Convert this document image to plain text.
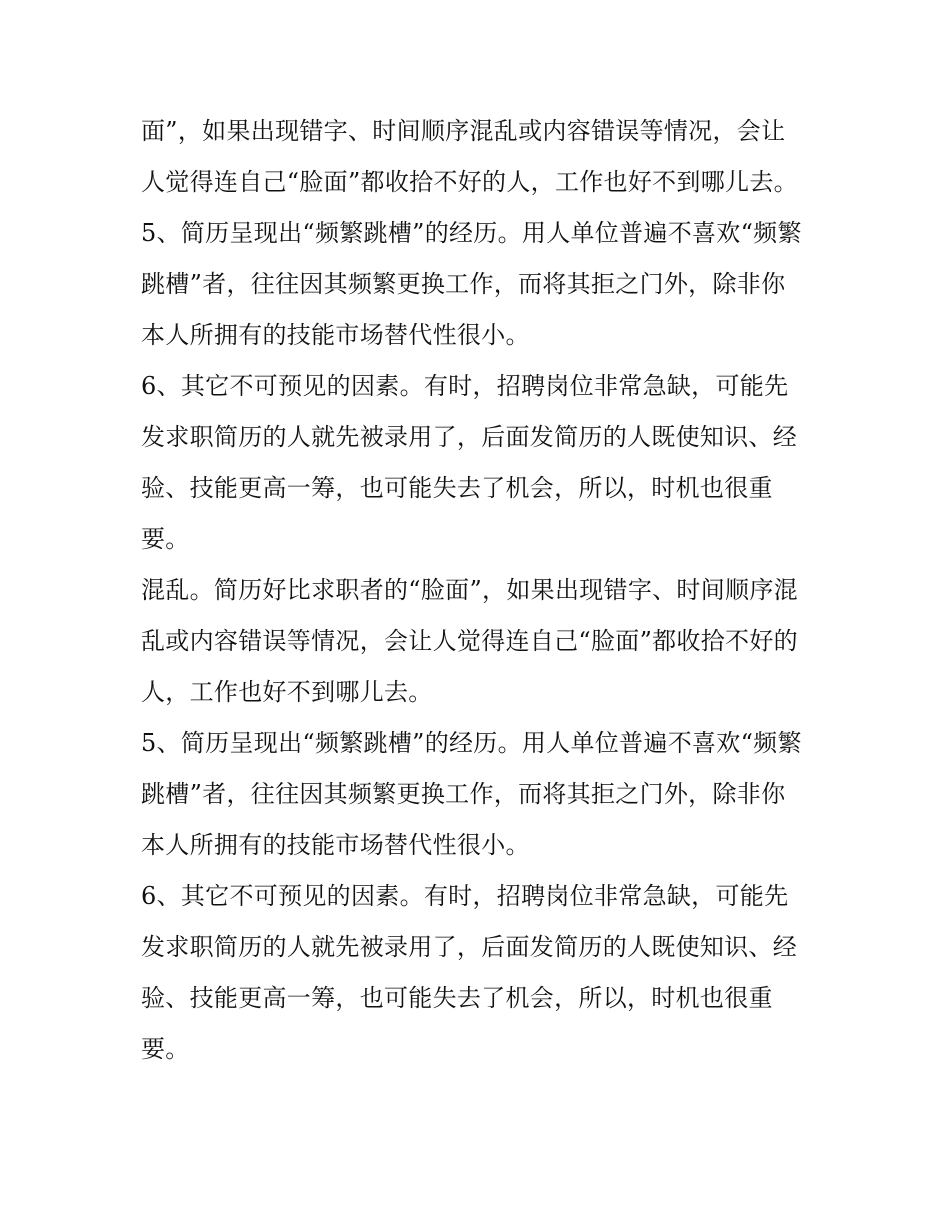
面”，如果出现错字、时间顺序混乱或内容错误等情况，会让
人觉得连自己“脸面”都收拾不好的人，工作也好不到哪儿去。
5、简历呈现出“频繁跳槽”的经历。用人单位普遍不喜欢“频繁
跳槽”者，往往因其频繁更换工作，而将其拒之门外，除非你
本人所拥有的技能市场替代性很小。
6、其它不可预见的因素。有时，招聘岗位非常急缺，可能先
发求职简历的人就先被录用了，后面发简历的人既使知识、经
验、技能更高一筹，也可能失去了机会，所以，时机也很重
要。
混乱。简历好比求职者的“脸面”，如果出现错字、时间顺序混
乱或内容错误等情况，会让人觉得连自己“脸面”都收拾不好的
人，工作也好不到哪儿去。
5、简历呈现出“频繁跳槽”的经历。用人单位普遍不喜欢“频繁
跳槽”者，往往因其频繁更换工作，而将其拒之门外，除非你
本人所拥有的技能市场替代性很小。
6、其它不可预见的因素。有时，招聘岗位非常急缺，可能先
发求职简历的人就先被录用了，后面发简历的人既使知识、经
验、技能更高一筹，也可能失去了机会，所以，时机也很重
要。
